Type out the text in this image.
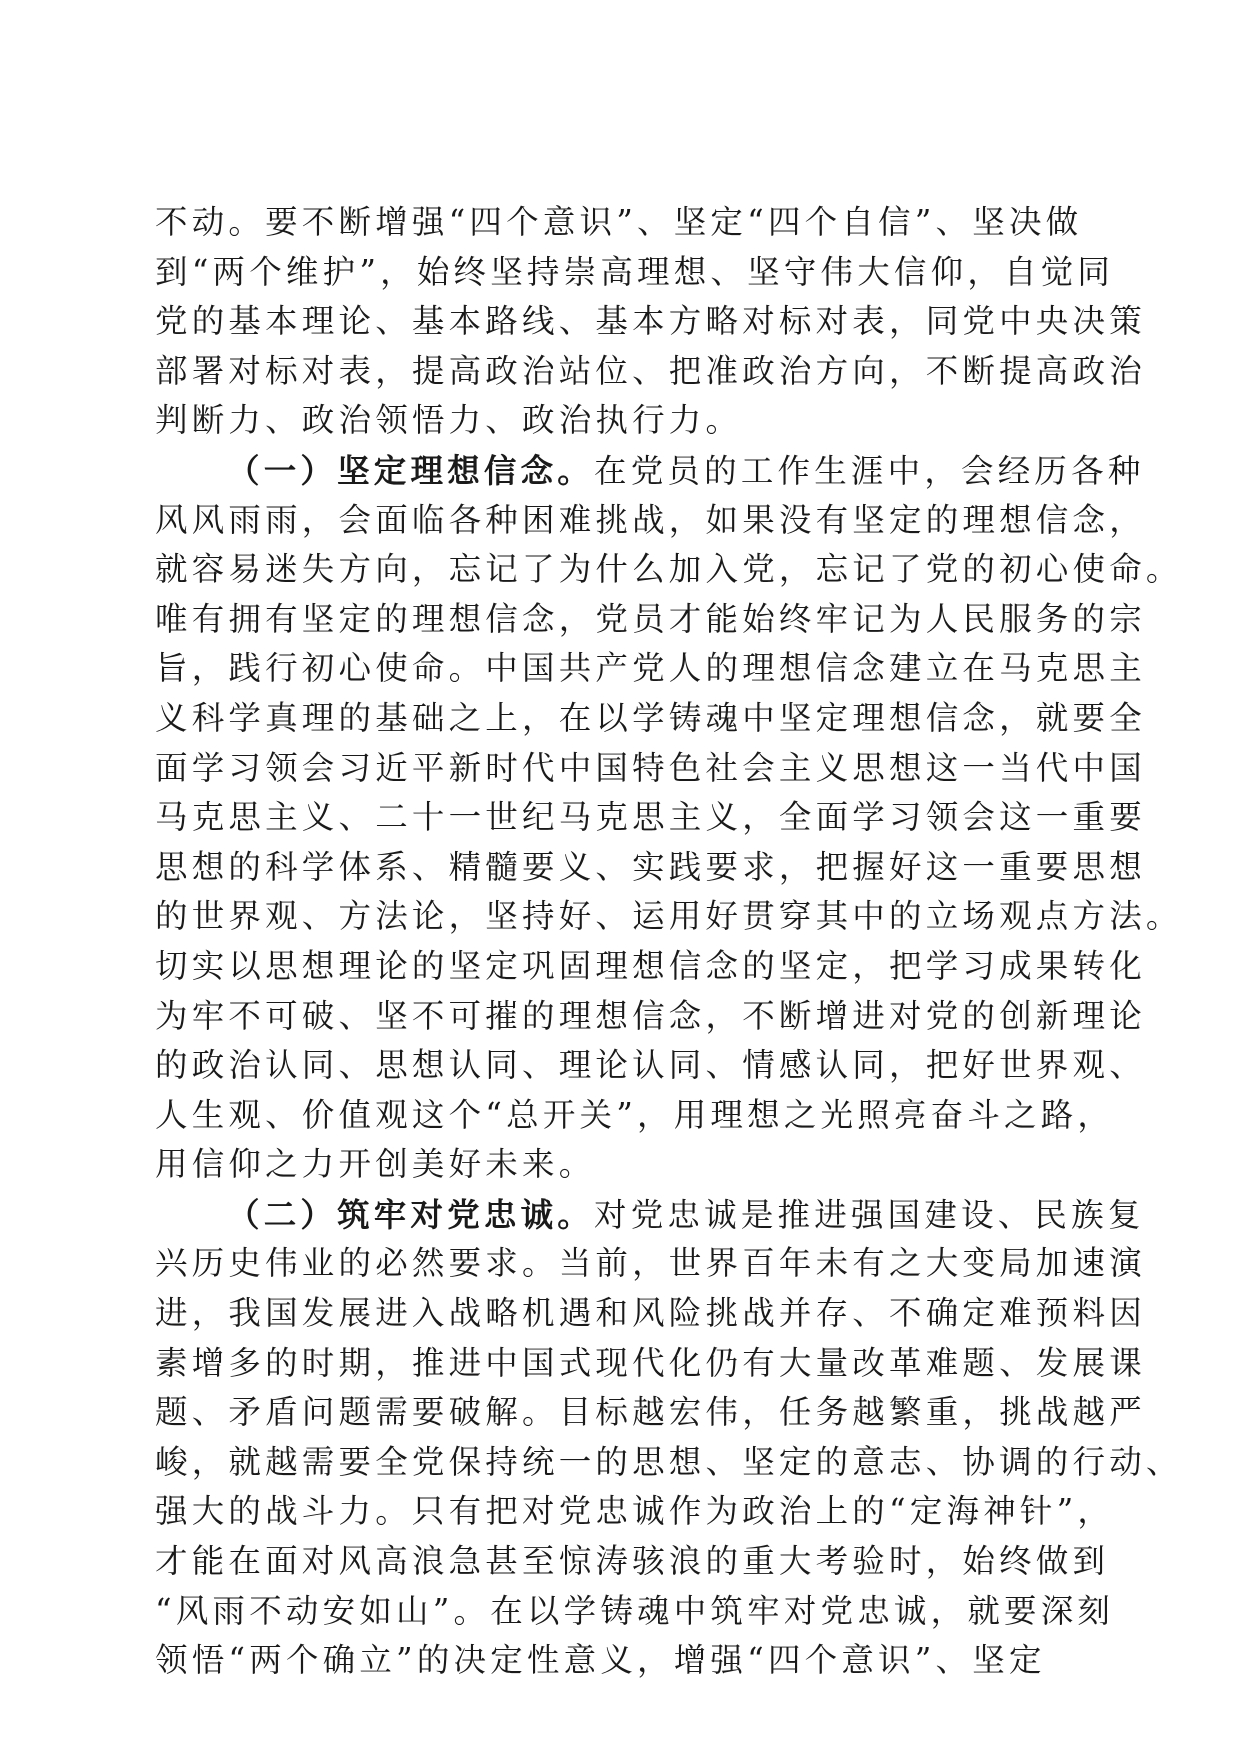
不动。要不断增强“四个意识”、坚定“四个自信”、坚决做
到“两个维护”，始终坚持崇高理想、坚守伟大信仰，自觉同
党的基本理论、基本路线、基本方略对标对表，同党中央决策
部署对标对表，提高政治站位、把准政治方向，不断提高政治
判断力、政治领悟力、政治执行力。
（一）坚定理想信念。在党员的工作生涯中，会经历各种
风风雨雨，会面临各种困难挑战，如果没有坚定的理想信念，
就容易迷失方向，忘记了为什么加入党，忘记了党的初心使命。
唯有拥有坚定的理想信念，党员才能始终牢记为人民服务的宗
旨，践行初心使命。中国共产党人的理想信念建立在马克思主
义科学真理的基础之上，在以学铸魂中坚定理想信念，就要全
面学习领会习近平新时代中国特色社会主义思想这一当代中国
马克思主义、二十一世纪马克思主义，全面学习领会这一重要
思想的科学体系、精髓要义、实践要求，把握好这一重要思想
的世界观、方法论，坚持好、运用好贯穿其中的立场观点方法。
切实以思想理论的坚定巩固理想信念的坚定，把学习成果转化
为牢不可破、坚不可摧的理想信念，不断增进对党的创新理论
的政治认同、思想认同、理论认同、情感认同，把好世界观、
人生观、价值观这个“总开关”，用理想之光照亮奋斗之路，
用信仰之力开创美好未来。
（二）筑牢对党忠诚。对党忠诚是推进强国建设、民族复
兴历史伟业的必然要求。当前，世界百年未有之大变局加速演
进，我国发展进入战略机遇和风险挑战并存、不确定难预料因
素增多的时期，推进中国式现代化仍有大量改革难题、发展课
题、矛盾问题需要破解。目标越宏伟，任务越繁重，挑战越严
峻，就越需要全党保持统一的思想、坚定的意志、协调的行动、
强大的战斗力。只有把对党忠诚作为政治上的“定海神针”，
才能在面对风高浪急甚至惊涛骇浪的重大考验时，始终做到
“风雨不动安如山”。在以学铸魂中筑牢对党忠诚，就要深刻
领悟“两个确立”的决定性意义，增强“四个意识”、坚定
